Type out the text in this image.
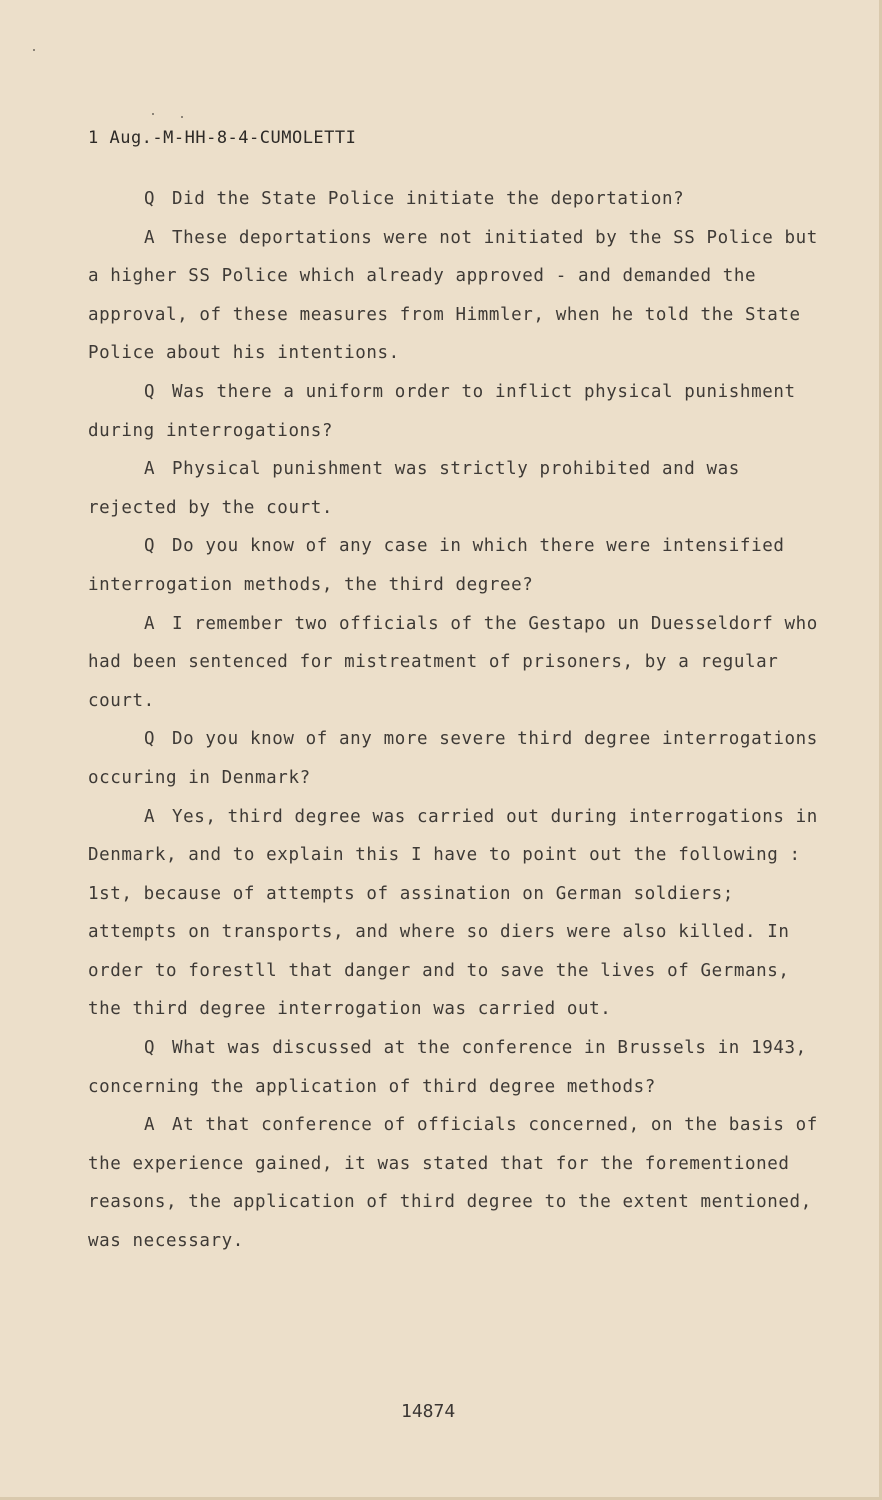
1 Aug.-M-HH-8-4-CUMOLETTI

Q Did the State Police initiate the deportation?

A These deportations were not initiated by the SS Police but a higher SS Police which already approved - and demanded the approval, of these measures from Himmler, when he told the State Police about his intentions.

Q Was there a uniform order to inflict physical punishment during interrogations?

A Physical punishment was strictly prohibited and was rejected by the court.

Q Do you know of any case in which there were intensified interrogation methods, the third degree?

A I remember two officials of the Gestapo un Duesseldorf who had been sentenced for mistreatment of prisoners, by a regular court.

Q Do you know of any more severe third degree interrogations occuring in Denmark?

A Yes, third degree was carried out during interrogations in Denmark, and to explain this I have to point out the following : 1st, because of attempts of assination on German soldiers; attempts on transports, and where so diers were also killed. In order to forestll that danger and to save the lives of Germans, the third degree interrogation was carried out.

Q What was discussed at the conference in Brussels in 1943, concerning the application of third degree methods?

A At that conference of officials concerned, on the basis of the experience gained, it was stated that for the forementioned reasons, the application of third degree to the extent mentioned, was necessary.

14874
